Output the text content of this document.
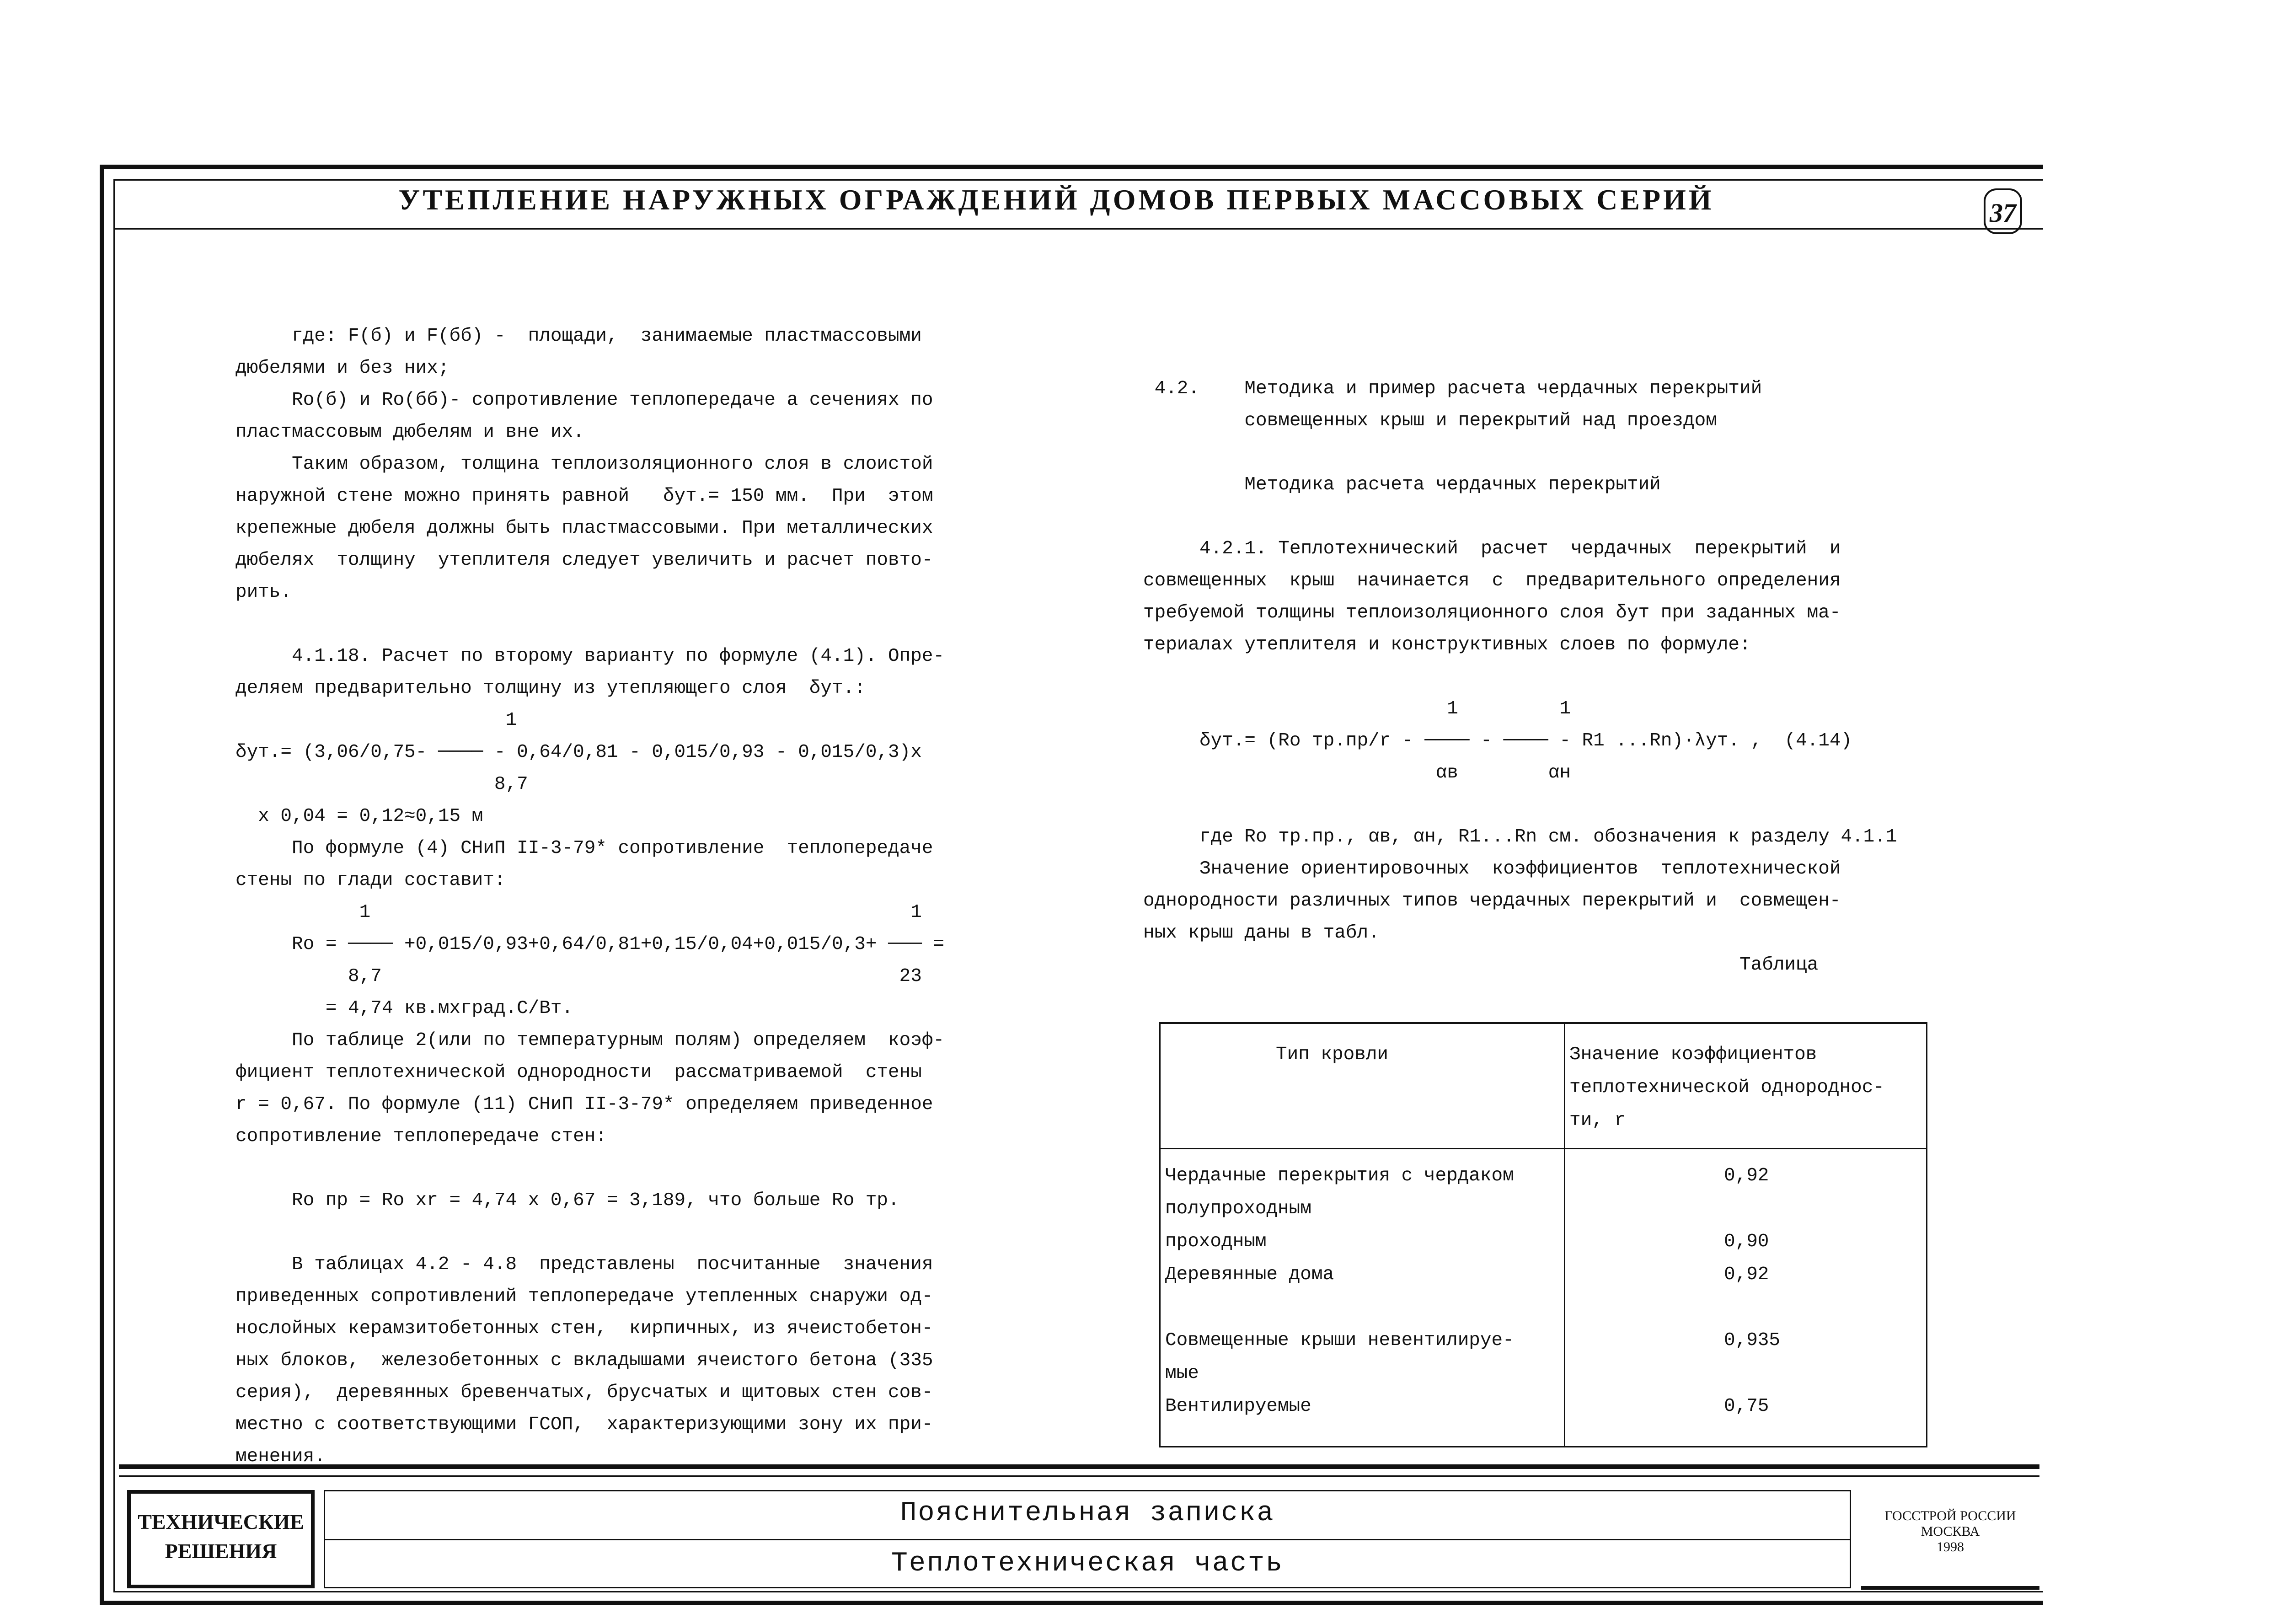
УТЕПЛЕНИЕ НАРУЖНЫХ ОГРАЖДЕНИЙ ДОМОВ ПЕРВЫХ МАССОВЫХ СЕРИЙ	37
где: F(б) и F(бб) -  площади,  занимаемые пластмассовыми
дюбелями и без них;
Rо(б) и Rо(бб)- сопротивление теплопередаче а сечениях по
пластмассовым дюбелям и вне их.
Таким образом, толщина теплоизоляционного слоя в слоистой
наружной стене можно принять равной   δут.= 150 мм.  При  этом
крепежные дюбеля должны быть пластмассовыми. При металлических
дюбелях  толщину  утеплителя следует увеличить и расчет повто-
рить.
4.1.18. Расчет по второму варианту по формуле (4.1). Опре-
деляем предварительно толщину из утепляющего слоя  δут.:
1
δут.= (3,06/0,75- ──── - 0,64/0,81 - 0,015/0,93 - 0,015/0,3)x
8,7
x 0,04 = 0,12≈0,15 м
По формуле (4) СНиП II-3-79* сопротивление  теплопередаче
стены по глади составит:
1                                                1
Rо = ──── +0,015/0,93+0,64/0,81+0,15/0,04+0,015/0,3+ ─── =
8,7                                              23
= 4,74 кв.мхград.С/Вт.
По таблице 2(или по температурным полям) определяем  коэф-
фициент теплотехнической однородности  рассматриваемой  стены
r = 0,67. По формуле (11) СНиП II-3-79* определяем приведенное
сопротивление теплопередаче стен:
Rо пр = Rо xr = 4,74 x 0,67 = 3,189, что больше Rо тр.
В таблицах 4.2 - 4.8  представлены  посчитанные  значения
приведенных сопротивлений теплопередаче утепленных снаружи од-
нослойных керамзитобетонных стен,  кирпичных, из ячеистобетон-
ных блоков,  железобетонных с вкладышами ячеистого бетона (335
серия),  деревянных бревенчатых, брусчатых и щитовых стен сов-
местно с соответствующими ГСОП,  характеризующими зону их при-
менения.
4.2.    Методика и пример расчета чердачных перекрытий
совмещенных крыш и перекрытий над проездом
Методика расчета чердачных перекрытий
4.2.1. Теплотехнический  расчет  чердачных  перекрытий  и
совмещенных  крыш  начинается  с  предварительного определения
требуемой толщины теплоизоляционного слоя δут при заданных ма-
териалах утеплителя и конструктивных слоев по формуле:
1         1
δут.= (Rо тр.пр/r - ──── - ──── - R1 ...Rn)·λут. ,  (4.14)
αв        αн
где Rо тр.пр., αв, αн, R1...Rn см. обозначения к разделу 4.1.1
Значение ориентировочных  коэффициентов  теплотехнической
однородности различных типов чердачных перекрытий и  совмещен-
ных крыш даны в табл.
Таблица
Тип кровли	Значение коэффициентов
теплотехнической однороднос-
ти, r
Чердачные перекрытия с чердаком	0,92
полупроходным
проходным	0,90
Деревянные дома	0,92
Совмещенные крыши невентилируе-	0,935
мые
Вентилируемые	0,75
ТЕХНИЧЕСКИЕ
РЕШЕНИЯ
Пояснительная записка
Теплотехническая часть
ГОССТРОЙ РОССИИ
МОСКВА
1998
